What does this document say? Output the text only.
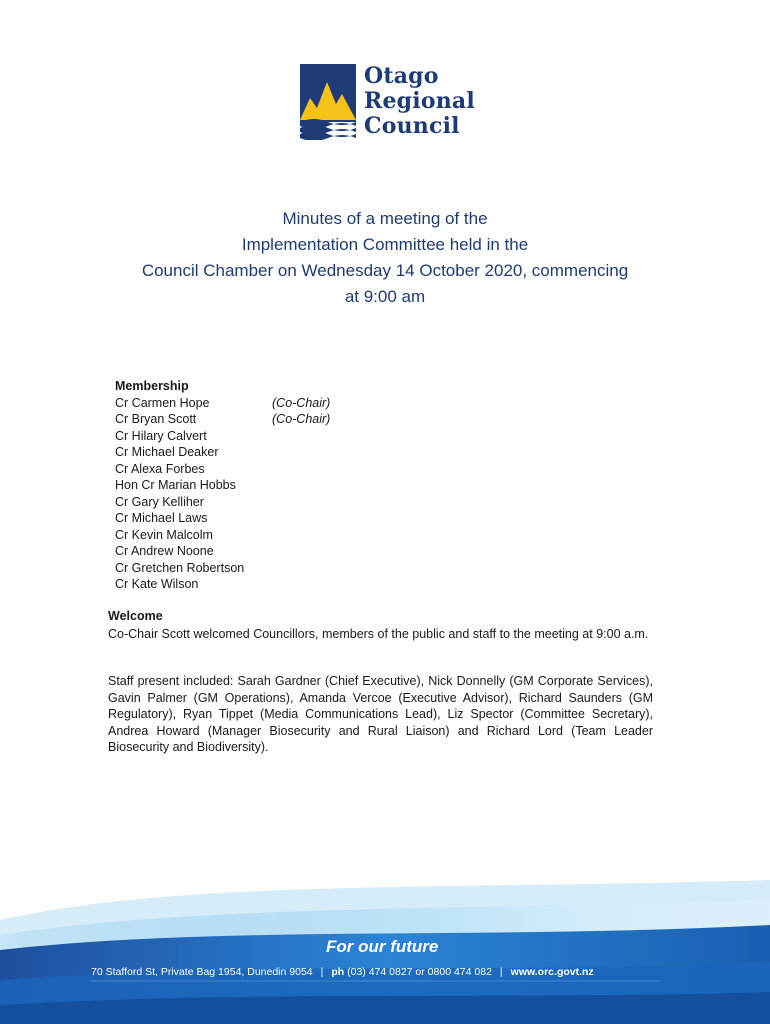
Otago
Regional
Council
Minutes of a meeting of the
Implementation Committee held in the
Council Chamber on Wednesday 14 October 2020, commencing
at 9:00 am
Membership
Cr Carmen Hope	(Co-Chair)
Cr Bryan Scott	(Co-Chair)
Cr Hilary Calvert
Cr Michael Deaker
Cr Alexa Forbes
Hon Cr Marian Hobbs
Cr Gary Kelliher
Cr Michael Laws
Cr Kevin Malcolm
Cr Andrew Noone
Cr Gretchen Robertson
Cr Kate Wilson
Welcome
Co-Chair Scott welcomed Councillors, members of the public and staff to the meeting at 9:00 a.m.
Staff present included: Sarah Gardner (Chief Executive), Nick Donnelly (GM Corporate Services), Gavin Palmer (GM Operations), Amanda Vercoe (Executive Advisor), Richard Saunders (GM Regulatory), Ryan Tippet (Media Communications Lead), Liz Spector (Committee Secretary), Andrea Howard (Manager Biosecurity and Rural Liaison) and Richard Lord (Team Leader Biosecurity and Biodiversity).
For our future
70 Stafford St, Private Bag 1954, Dunedin 9054 | ph (03) 474 0827 or 0800 474 082 | www.orc.govt.nz
